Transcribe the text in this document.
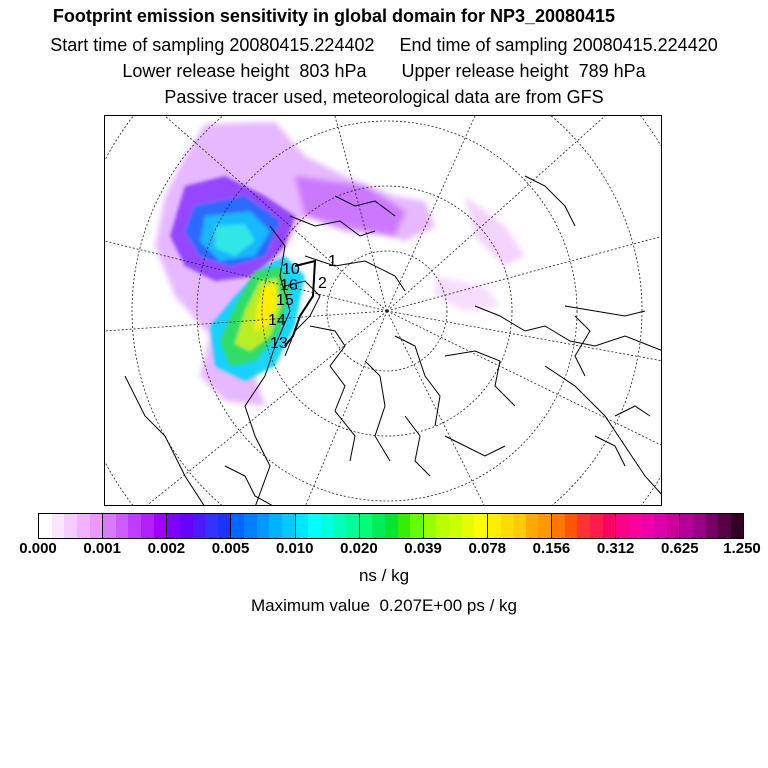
Footprint emission sensitivity in global domain for NP3_20080415
Start time of sampling 20080415.224402     End time of sampling 20080415.224420
Lower release height  803 hPa       Upper release height  789 hPa
Passive tracer used, meteorological data are from GFS
1
2
10
16
15
14
13
0.000 0.001 0.002 0.005 0.010 0.020 0.039 0.078 0.156 0.312 0.625 1.250
ns / kg
Maximum value  0.207E+00 ps / kg
